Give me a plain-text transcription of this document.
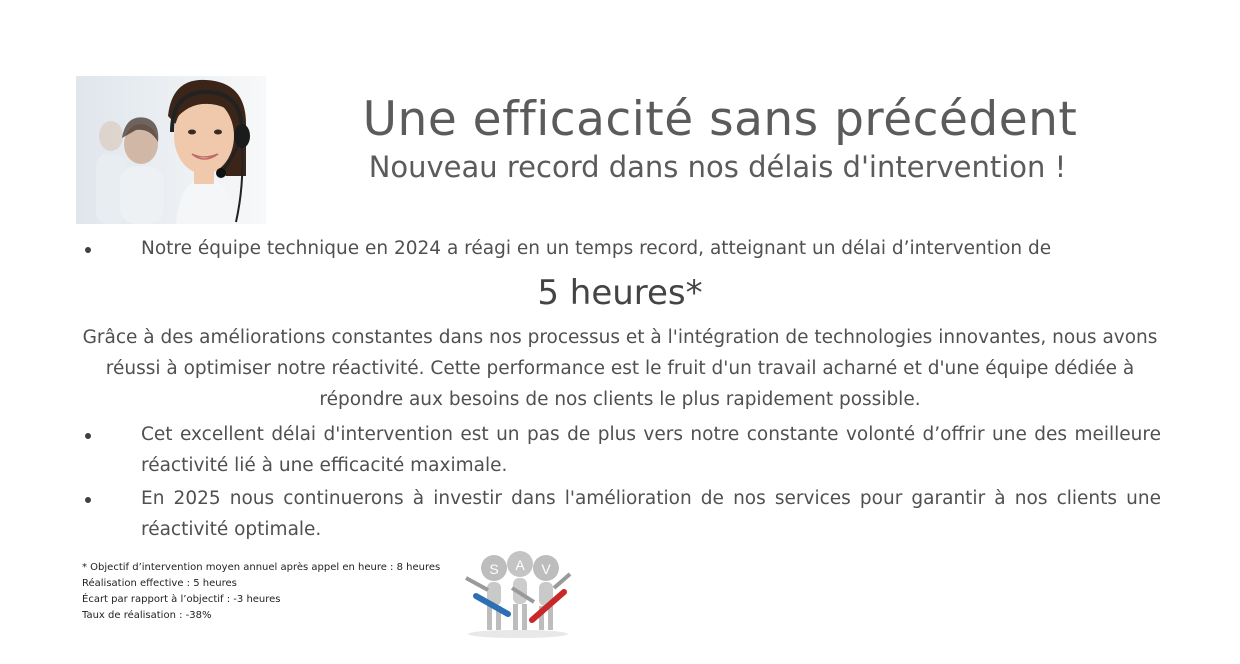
Une efficacité sans précédent
Nouveau record dans nos délais d'intervention !
Notre équipe technique en 2024 a réagi en un temps record, atteignant un délai d’intervention de
5 heures*
Grâce à des améliorations constantes dans nos processus et à l'intégration de technologies innovantes, nous avons réussi à optimiser notre réactivité. Cette performance est le fruit d'un travail acharné et d'une équipe dédiée à répondre aux besoins de nos clients le plus rapidement possible.
Cet excellent délai d'intervention est un pas de plus vers notre constante volonté d’offrir une des meilleure réactivité lié à une efficacité maximale.
En 2025 nous continuerons à investir dans l'amélioration de nos services pour garantir à nos clients une réactivité optimale.
* Objectif d’intervention moyen annuel après appel en heure : 8 heures
Réalisation effective : 5 heures
Écart par rapport à l’objectif : -3 heures
Taux de réalisation : -38%
S A V
